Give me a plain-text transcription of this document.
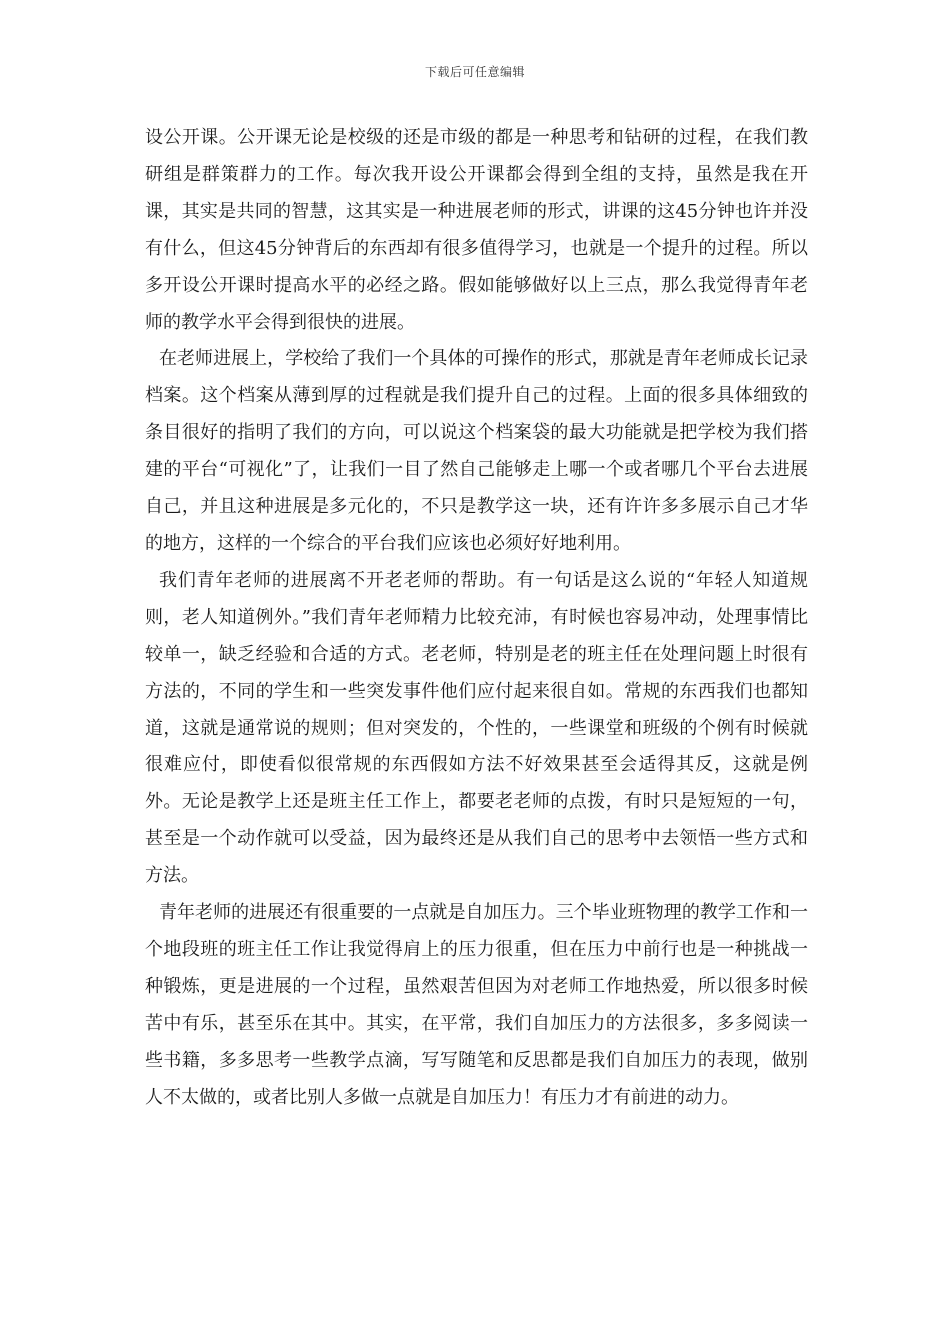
下载后可任意编辑

设公开课。公开课无论是校级的还是市级的都是一种思考和钻研的过程，在我们教研组是群策群力的工作。每次我开设公开课都会得到全组的支持，虽然是我在开课，其实是共同的智慧，这其实是一种进展老师的形式，讲课的这45分钟也许并没有什么，但这45分钟背后的东西却有很多值得学习，也就是一个提升的过程。所以多开设公开课时提高水平的必经之路。假如能够做好以上三点，那么我觉得青年老师的教学水平会得到很快的进展。

在老师进展上，学校给了我们一个具体的可操作的形式，那就是青年老师成长记录档案。这个档案从薄到厚的过程就是我们提升自己的过程。上面的很多具体细致的条目很好的指明了我们的方向，可以说这个档案袋的最大功能就是把学校为我们搭建的平台“可视化”了，让我们一目了然自己能够走上哪一个或者哪几个平台去进展自己，并且这种进展是多元化的，不只是教学这一块，还有许许多多展示自己才华的地方，这样的一个综合的平台我们应该也必须好好地利用。

我们青年老师的进展离不开老老师的帮助。有一句话是这么说的“年轻人知道规则，老人知道例外。”我们青年老师精力比较充沛，有时候也容易冲动，处理事情比较单一，缺乏经验和合适的方式。老老师，特别是老的班主任在处理问题上时很有方法的，不同的学生和一些突发事件他们应付起来很自如。常规的东西我们也都知道，这就是通常说的规则；但对突发的，个性的，一些课堂和班级的个例有时候就很难应付，即使看似很常规的东西假如方法不好效果甚至会适得其反，这就是例外。无论是教学上还是班主任工作上，都要老老师的点拨，有时只是短短的一句，甚至是一个动作就可以受益，因为最终还是从我们自己的思考中去领悟一些方式和方法。

青年老师的进展还有很重要的一点就是自加压力。三个毕业班物理的教学工作和一个地段班的班主任工作让我觉得肩上的压力很重，但在压力中前行也是一种挑战一种锻炼，更是进展的一个过程，虽然艰苦但因为对老师工作地热爱，所以很多时候苦中有乐，甚至乐在其中。其实，在平常，我们自加压力的方法很多，多多阅读一些书籍，多多思考一些教学点滴，写写随笔和反思都是我们自加压力的表现，做别人不太做的，或者比别人多做一点就是自加压力！有压力才有前进的动力。
